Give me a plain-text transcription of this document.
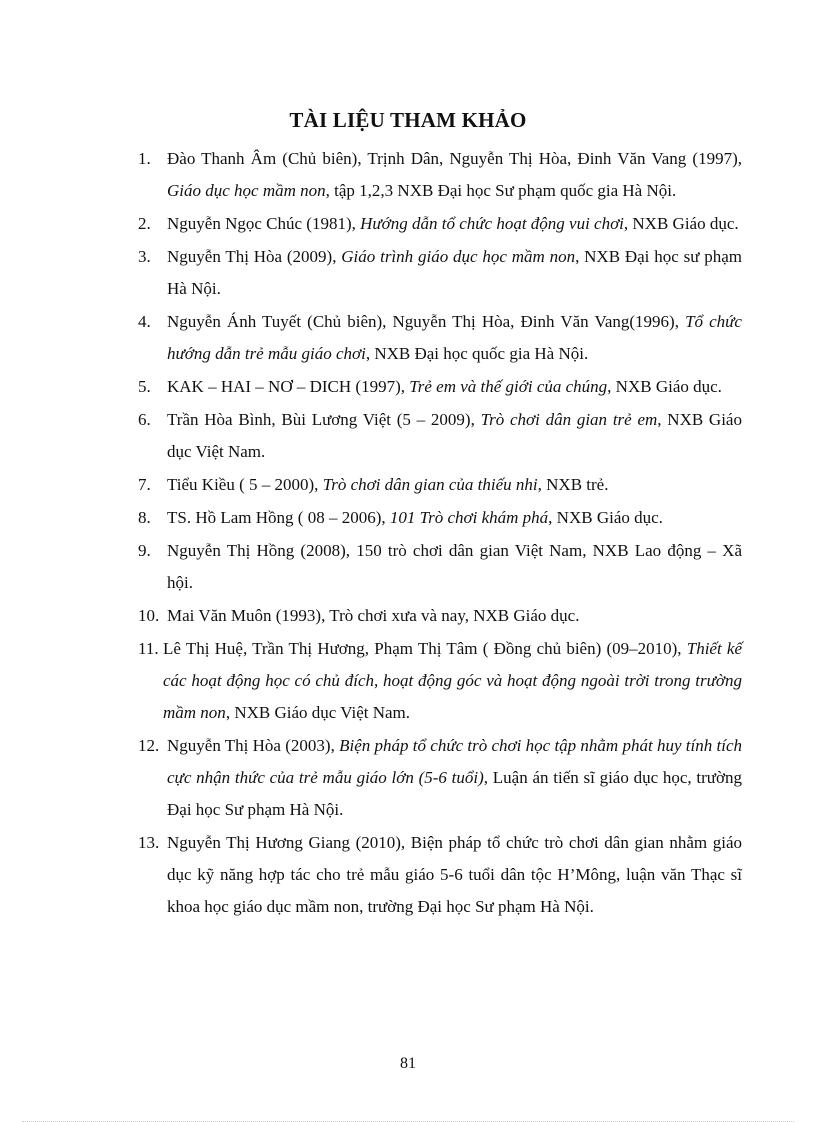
TÀI LIỆU THAM KHẢO
1. Đào Thanh Âm (Chủ biên), Trịnh Dân, Nguyễn Thị Hòa, Đinh Văn Vang (1997), Giáo dục học mầm non, tập 1,2,3 NXB Đại học Sư phạm quốc gia Hà Nội.
2. Nguyễn Ngọc Chúc (1981), Hướng dẫn tổ chức hoạt động vui chơi, NXB Giáo dục.
3. Nguyễn Thị Hòa (2009), Giáo trình giáo dục học mầm non, NXB Đại học sư phạm Hà Nội.
4. Nguyễn Ánh Tuyết (Chủ biên), Nguyễn Thị Hòa, Đinh Văn Vang(1996), Tổ chức hướng dẫn trẻ mẫu giáo chơi, NXB Đại học quốc gia Hà Nội.
5. KAK – HAI – NƠ – DICH (1997), Trẻ em và thế giới của chúng, NXB Giáo dục.
6. Trần Hòa Bình, Bùi Lương Việt (5 – 2009), Trò chơi dân gian trẻ em, NXB Giáo dục Việt Nam.
7. Tiểu Kiều ( 5 – 2000), Trò chơi dân gian của thiếu nhi, NXB trẻ.
8. TS. Hồ Lam Hồng ( 08 – 2006), 101 Trò chơi khám phá, NXB Giáo dục.
9. Nguyễn Thị Hồng (2008), 150 trò chơi dân gian Việt Nam, NXB Lao động – Xã hội.
10. Mai Văn Muôn (1993), Trò chơi xưa và nay, NXB Giáo dục.
11. Lê Thị Huệ, Trần Thị Hương, Phạm Thị Tâm ( Đồng chủ biên) (09–2010), Thiết kế các hoạt động học có chủ đích, hoạt động góc và hoạt động ngoài trời trong trường mầm non, NXB Giáo dục Việt Nam.
12. Nguyễn Thị Hòa (2003), Biện pháp tổ chức trò chơi học tập nhằm phát huy tính tích cực nhận thức của trẻ mẫu giáo lớn (5-6 tuổi), Luận án tiến sĩ giáo dục học, trường Đại học Sư phạm Hà Nội.
13. Nguyễn Thị Hương Giang (2010), Biện pháp tổ chức trò chơi dân gian nhằm giáo dục kỹ năng hợp tác cho trẻ mẫu giáo 5-6 tuổi dân tộc H’Mông, luận văn Thạc sĩ khoa học giáo dục mầm non, trường Đại học Sư phạm Hà Nội.
81
